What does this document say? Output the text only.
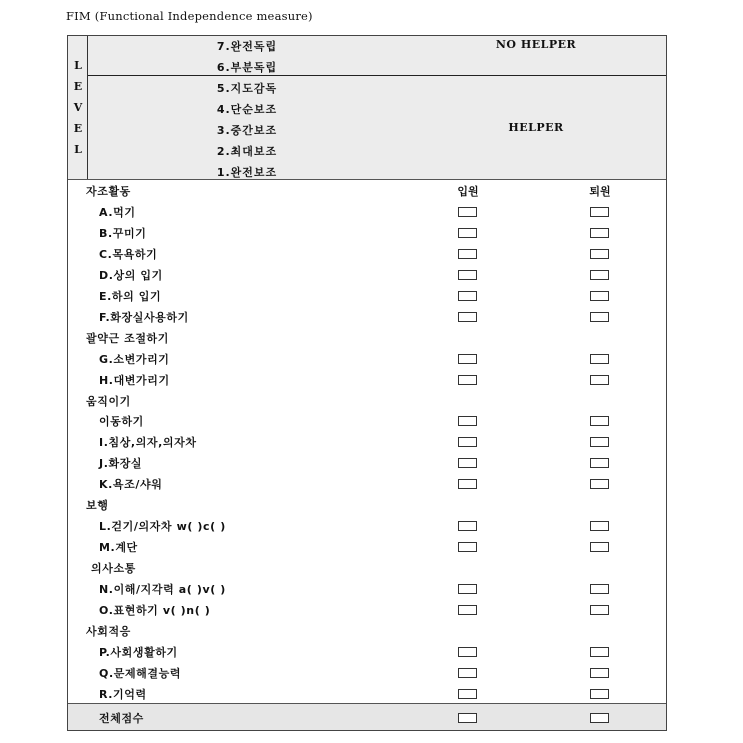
FIM (Functional Independence measure)
L
E
V
E
L
7.완전독립
6.부분독립
5.지도감독
4.단순보조
3.중간보조
2.최대보조
1.완전보조
NO HELPER
HELPER
자조활동	입원	퇴원
A.먹기
B.꾸미기
C.목욕하기
D.상의 입기
E.하의 입기
F.화장실사용하기
괄약근 조절하기
G.소변가리기
H.대변가리기
움직이기
이동하기
I.침상,의자,의자차
J.화장실
K.욕조/샤워
보행
L.걷기/의자차 w( )c( )
M.계단
의사소통
N.이해/지각력 a( )v( )
O.표현하기 v( )n( )
사회적응
P.사회생활하기
Q.문제해결능력
R.기억력
전체점수
